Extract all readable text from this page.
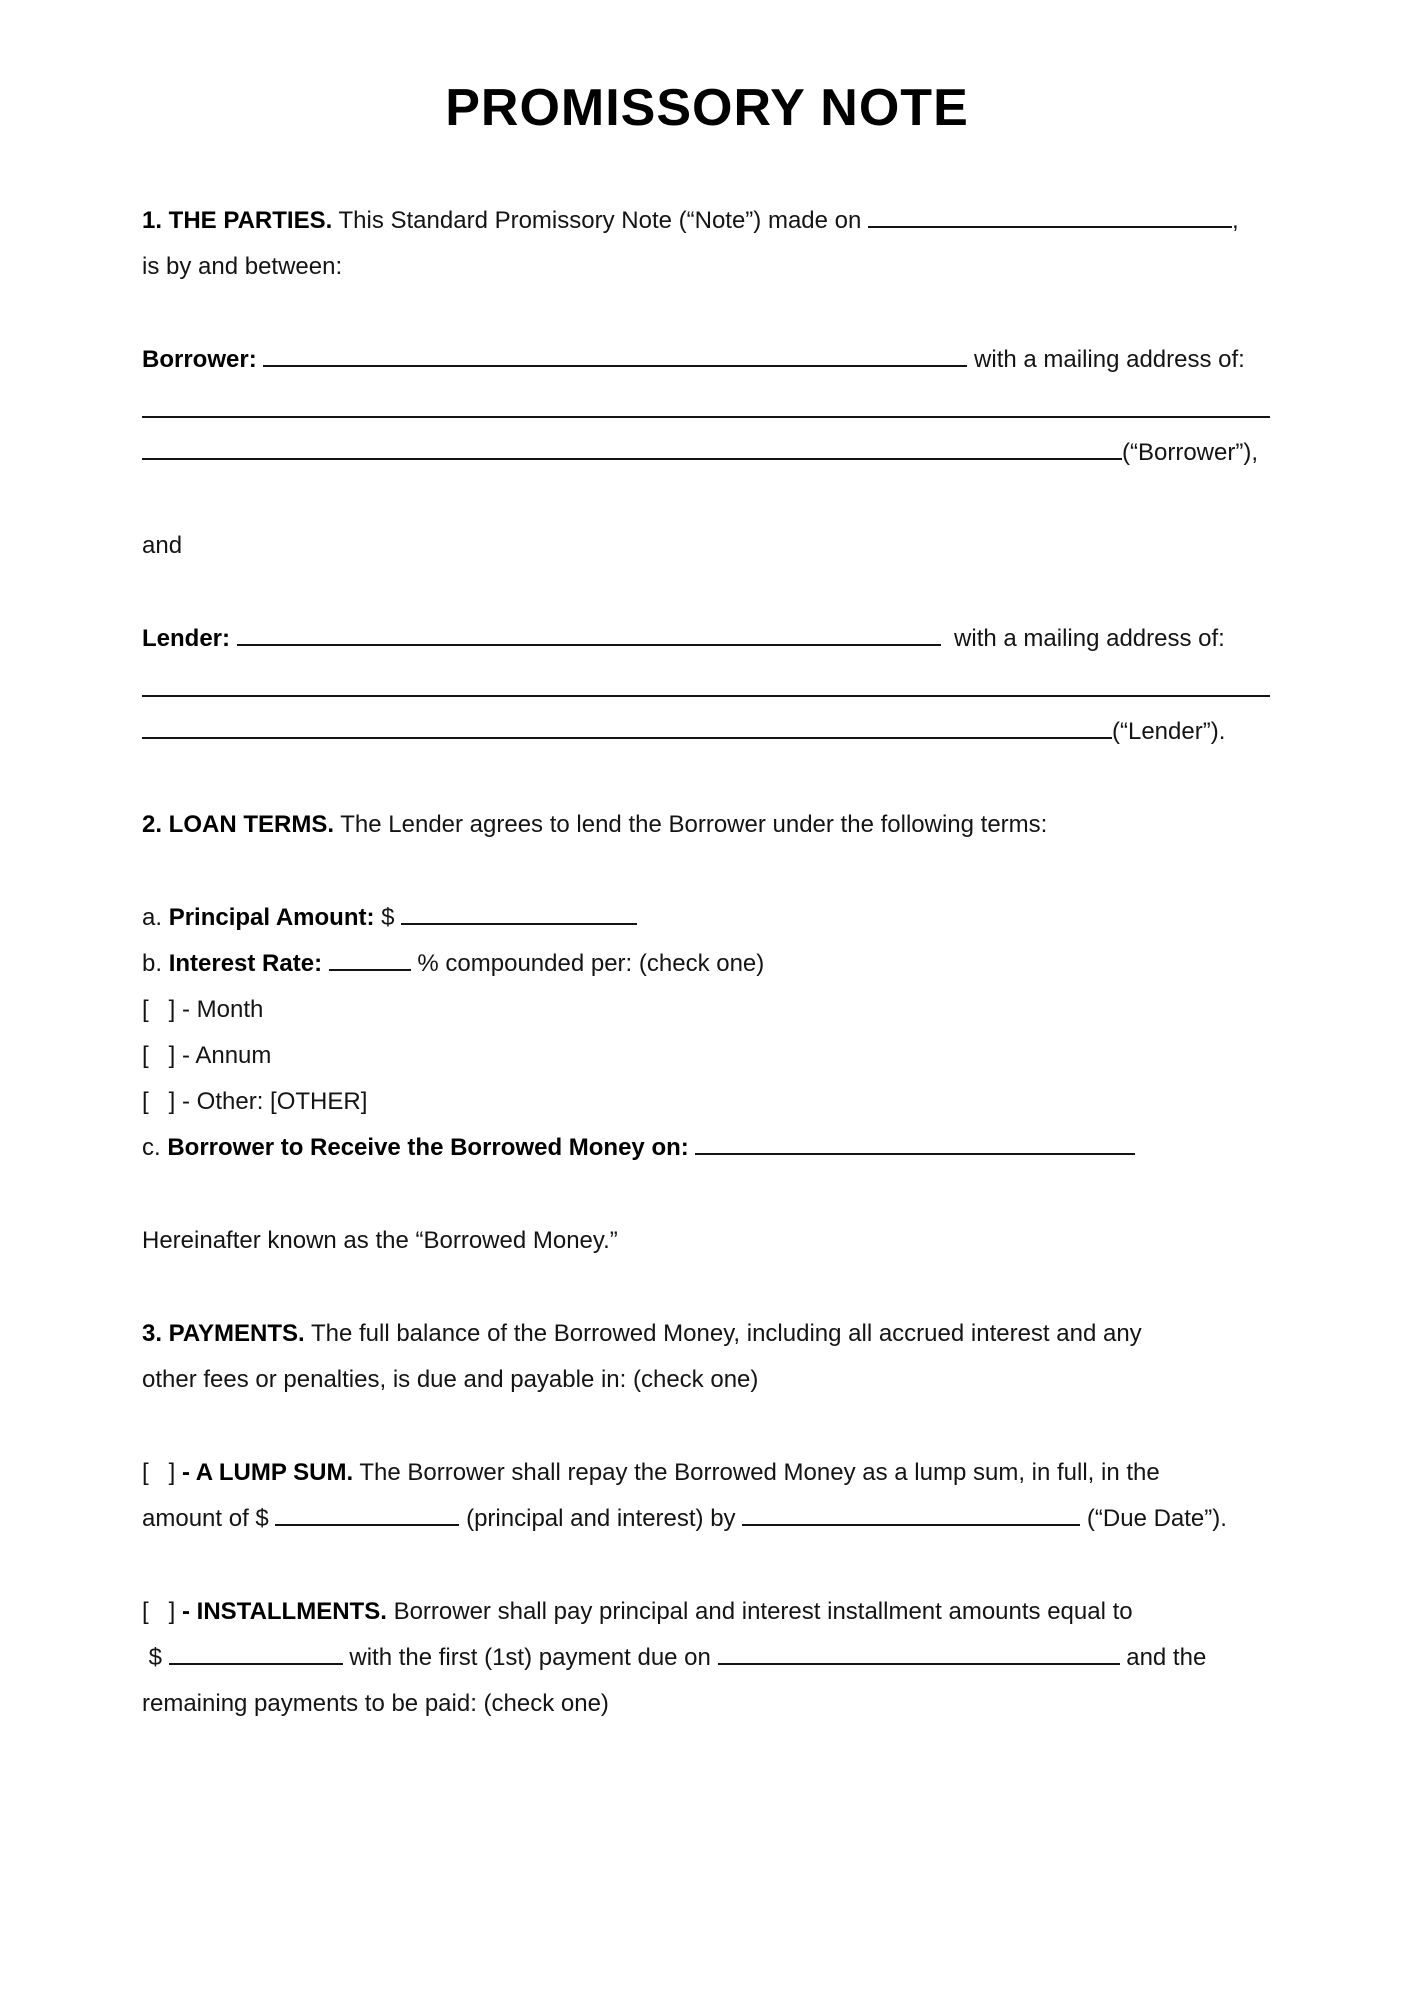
PROMISSORY NOTE
1. THE PARTIES. This Standard Promissory Note (“Note”) made on	,
is by and between:
Borrower:	with a mailing address of:
(“Borrower”),
and
Lender:	with a mailing address of:
(“Lender”).
2. LOAN TERMS. The Lender agrees to lend the Borrower under the following terms:
a. Principal Amount: $
b. Interest Rate:	% compounded per: (check one)
[   ] - Month
[   ] - Annum
[   ] - Other: [OTHER]
c. Borrower to Receive the Borrowed Money on:
Hereinafter known as the “Borrowed Money.”
3. PAYMENTS. The full balance of the Borrowed Money, including all accrued interest and any
other fees or penalties, is due and payable in: (check one)
[   ] - A LUMP SUM. The Borrower shall repay the Borrowed Money as a lump sum, in full, in the
amount of $	(principal and interest) by	(“Due Date”).
[   ] - INSTALLMENTS. Borrower shall pay principal and interest installment amounts equal to
$	with the first (1st) payment due on	and the
remaining payments to be paid: (check one)
